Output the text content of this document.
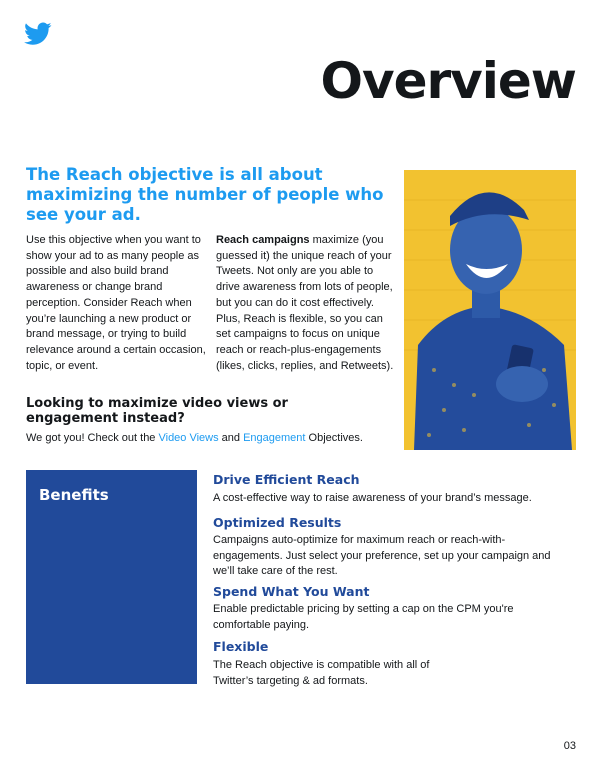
Overview
The Reach objective is all about maximizing the number of people who see your ad.
Use this objective when you want to show your ad to as many people as possible and also build brand awareness or change brand perception. Consider Reach when you’re launching a new product or brand message, or trying to build relevance around a certain occasion, topic, or event.
Reach campaigns maximize (you guessed it) the unique reach of your Tweets. Not only are you able to drive awareness from lots of people, but you can do it cost effectively. Plus, Reach is flexible, so you can set campaigns to focus on unique reach or reach-plus-engagements (likes, clicks, replies, and Retweets).
Looking to maximize video views or engagement instead?
We got you! Check out the Video Views and Engagement Objectives.
Benefits
Drive Efficient Reach
A cost-effective way to raise awareness of your brand’s message.
Optimized Results
Campaigns auto-optimize for maximum reach or reach-with-engagements. Just select your preference, set up your campaign and we’ll take care of the rest.
Spend What You Want
Enable predictable pricing by setting a cap on the CPM you're comfortable paying.
Flexible
The Reach objective is compatible with all of Twitter’s targeting & ad formats.
03
